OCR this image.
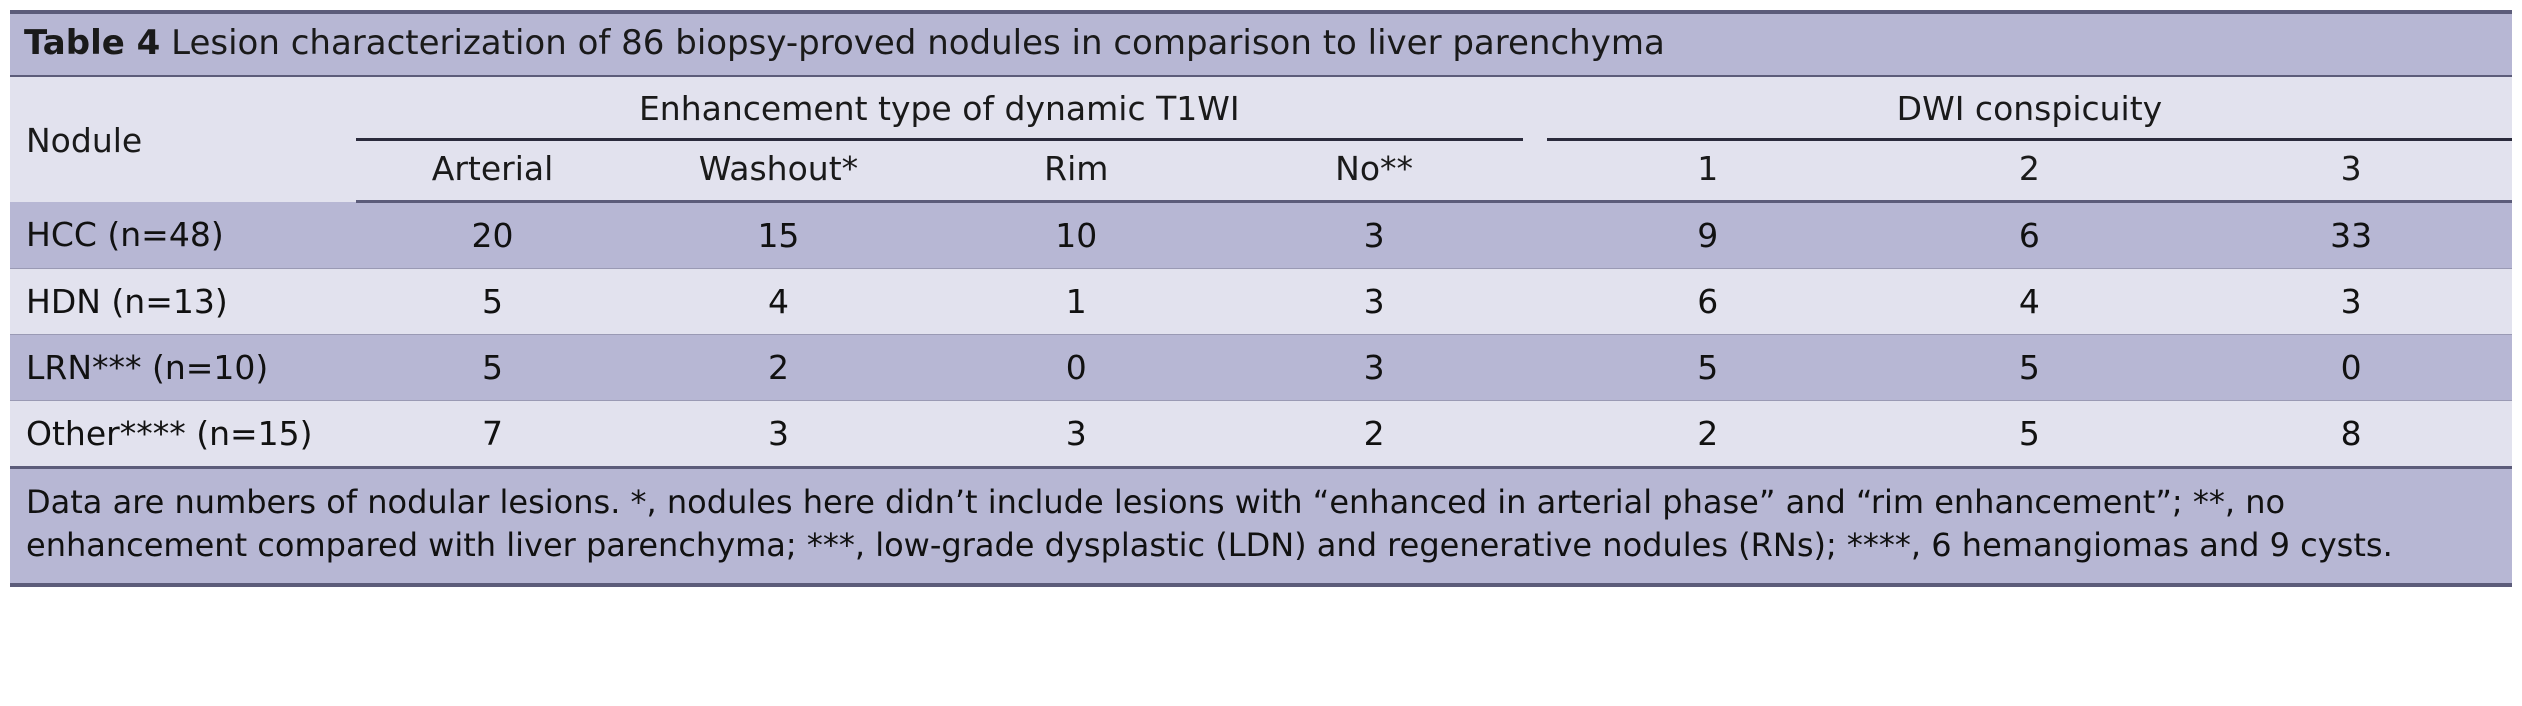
Table 4 Lesion characterization of 86 biopsy-proved nodules in comparison to liver parenchyma								
Nodule	Enhancement type of dynamic T1WI					DWI conspicuity		
	Arterial	Washout*	Rim	No**		1	2	3
HCC (n=48)	20	15	10	3		9	6	33
HDN (n=13)	5	4	1	3		6	4	3
LRN*** (n=10)	5	2	0	3		5	5	0
Other**** (n=15)	7	3	3	2		2	5	8
Data are numbers of nodular lesions. *, nodules here didn’t include lesions with “enhanced in arterial phase” and “rim enhancement”; **, no enhancement compared with liver parenchyma; ***, low-grade dysplastic (LDN) and regenerative nodules (RNs); ****, 6 hemangiomas and 9 cysts.								
